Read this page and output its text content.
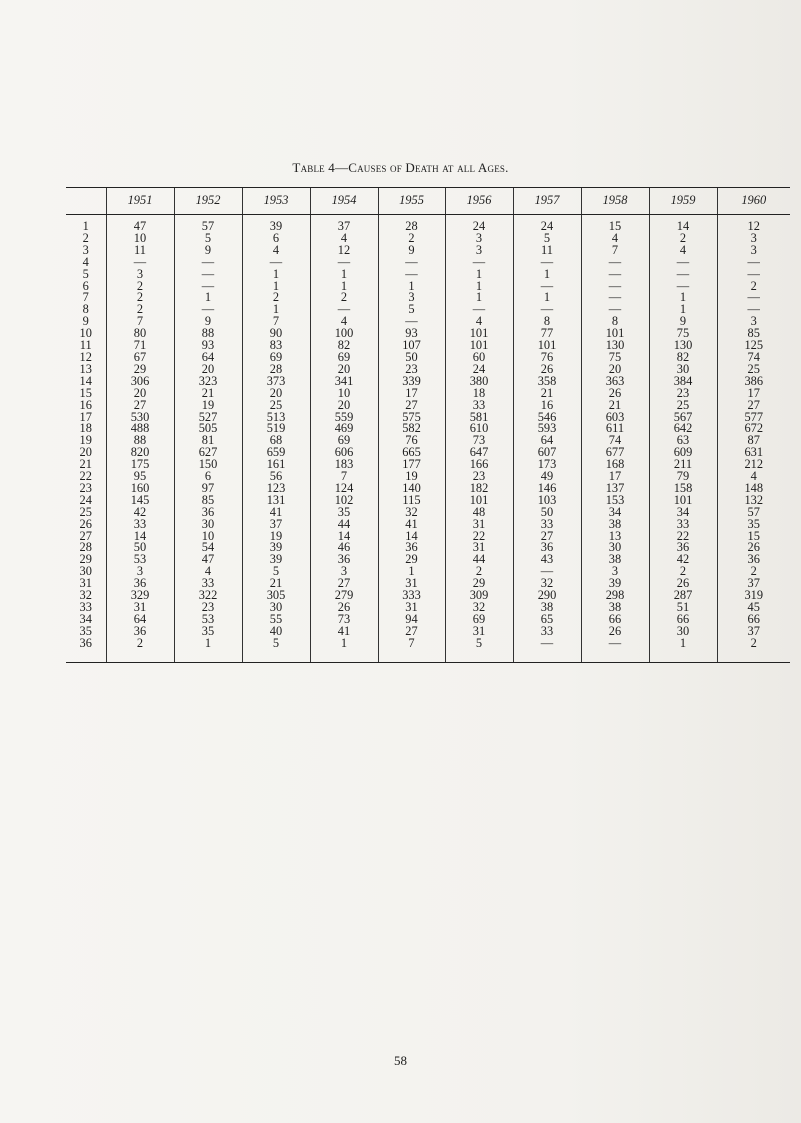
Table 4—Causes of Death at all Ages.
	1951	1952	1953	1954	1955	1956	1957	1958	1959	1960
1	47	57	39	37	28	24	24	15	14	12
2	10	5	6	4	2	3	5	4	2	3
3	11	9	4	12	9	3	11	7	4	3
4	—	—	—	—	—	—	—	—	—	—
5	3	—	1	1	—	1	1	—	—	—
6	2	—	1	1	1	1	—	—	—	2
7	2	1	2	2	3	1	1	—	1	—
8	2	—	1	—	5	—	—	—	1	—
9	7	9	7	4	—	4	8	8	9	3
10	80	88	90	100	93	101	77	101	75	85
11	71	93	83	82	107	101	101	130	130	125
12	67	64	69	69	50	60	76	75	82	74
13	29	20	28	20	23	24	26	20	30	25
14	306	323	373	341	339	380	358	363	384	386
15	20	21	20	10	17	18	21	26	23	17
16	27	19	25	20	27	33	16	21	25	27
17	530	527	513	559	575	581	546	603	567	577
18	488	505	519	469	582	610	593	611	642	672
19	88	81	68	69	76	73	64	74	63	87
20	820	627	659	606	665	647	607	677	609	631
21	175	150	161	183	177	166	173	168	211	212
22	95	6	56	7	19	23	49	17	79	4
23	160	97	123	124	140	182	146	137	158	148
24	145	85	131	102	115	101	103	153	101	132
25	42	36	41	35	32	48	50	34	34	57
26	33	30	37	44	41	31	33	38	33	35
27	14	10	19	14	14	22	27	13	22	15
28	50	54	39	46	36	31	36	30	36	26
29	53	47	39	36	29	44	43	38	42	36
30	3	4	5	3	1	2	—	3	2	2
31	36	33	21	27	31	29	32	39	26	37
32	329	322	305	279	333	309	290	298	287	319
33	31	23	30	26	31	32	38	38	51	45
34	64	53	55	73	94	69	65	66	66	66
35	36	35	40	41	27	31	33	26	30	37
36	2	1	5	1	7	5	—	—	1	2
58
